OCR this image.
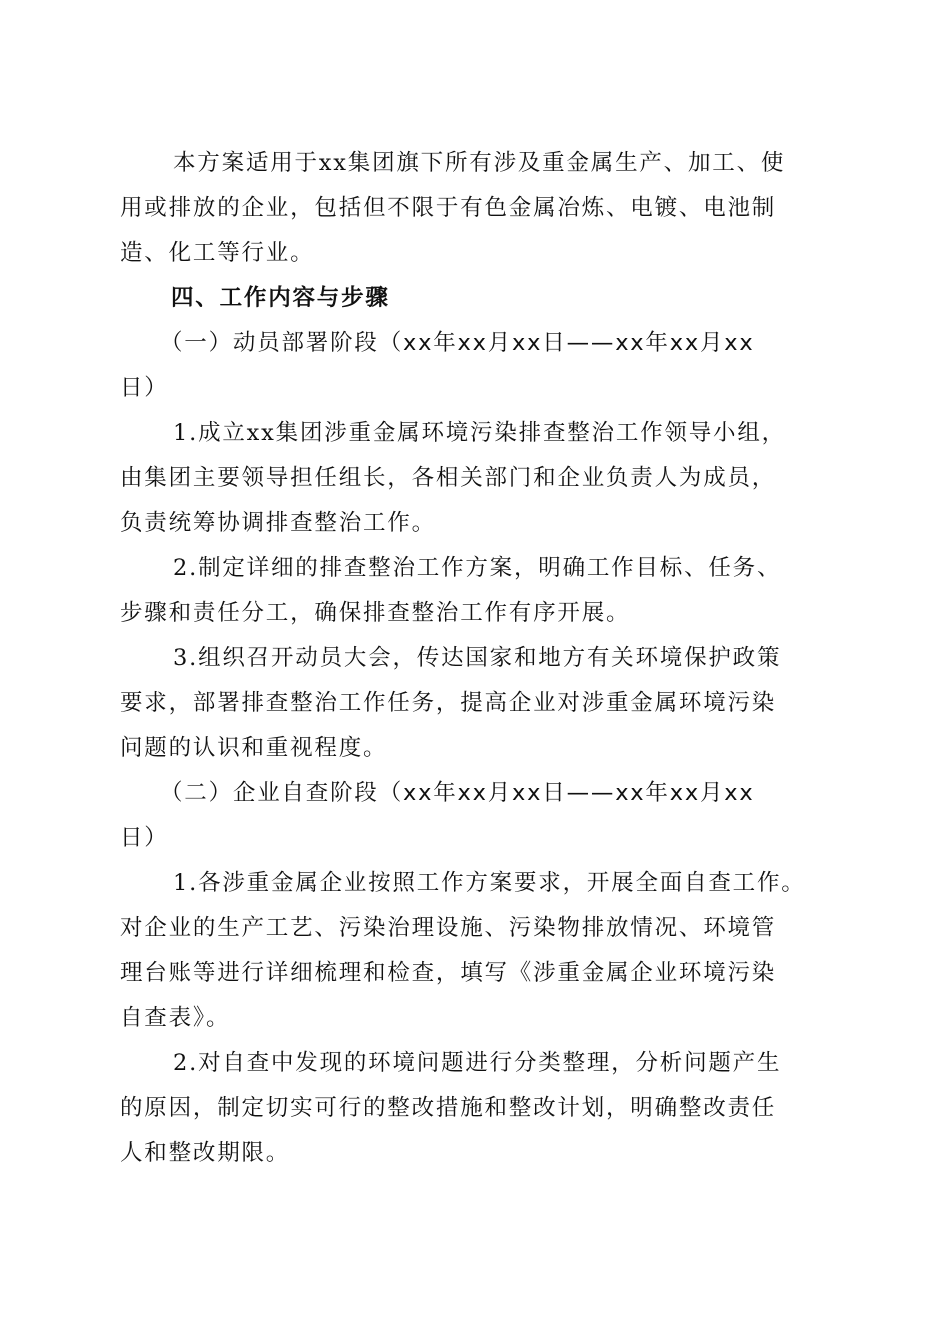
本方案适用于xx集团旗下所有涉及重金属生产、加工、使
用或排放的企业，包括但不限于有色金属冶炼、电镀、电池制
造、化工等行业。
四、工作内容与步骤
（一）动员部署阶段（xx年xx月xx日——xx年xx月xx
日）
1.成立xx集团涉重金属环境污染排查整治工作领导小组，
由集团主要领导担任组长，各相关部门和企业负责人为成员，
负责统筹协调排查整治工作。
2.制定详细的排查整治工作方案，明确工作目标、任务、
步骤和责任分工，确保排查整治工作有序开展。
3.组织召开动员大会，传达国家和地方有关环境保护政策
要求，部署排查整治工作任务，提高企业对涉重金属环境污染
问题的认识和重视程度。
（二）企业自查阶段（xx年xx月xx日——xx年xx月xx
日）
1.各涉重金属企业按照工作方案要求，开展全面自查工作。
对企业的生产工艺、污染治理设施、污染物排放情况、环境管
理台账等进行详细梳理和检查，填写《涉重金属企业环境污染
自查表》。
2.对自查中发现的环境问题进行分类整理，分析问题产生
的原因，制定切实可行的整改措施和整改计划，明确整改责任
人和整改期限。
